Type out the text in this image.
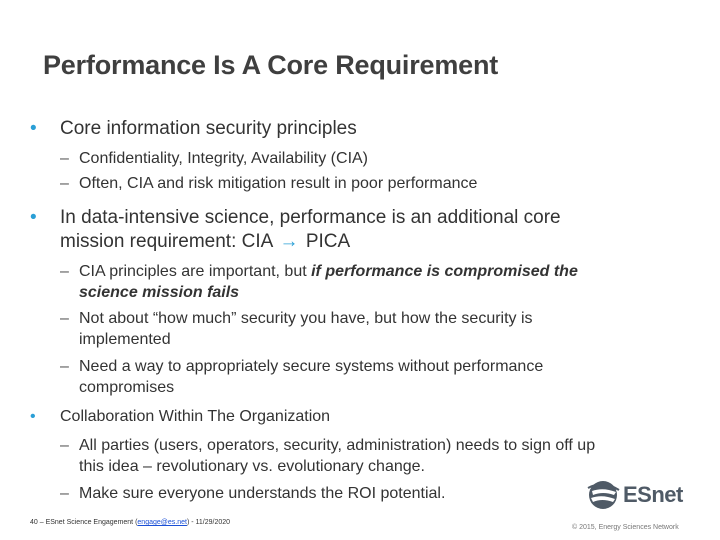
Performance Is A Core Requirement
• Core information security principles
– Confidentiality, Integrity, Availability (CIA)
– Often, CIA and risk mitigation result in poor performance
• In data-intensive science, performance is an additional core
mission requirement: CIA → PICA
– CIA principles are important, but if performance is compromised the
science mission fails
– Not about “how much” security you have, but how the security is
implemented
– Need a way to appropriately secure systems without performance
compromises
• Collaboration Within The Organization
– All parties (users, operators, security, administration) needs to sign off up
this idea – revolutionary vs. evolutionary change.
– Make sure everyone understands the ROI potential.	ESnet
40 – ESnet Science Engagement (engage@es.net) - 11/29/2020
© 2015, Energy Sciences Network
